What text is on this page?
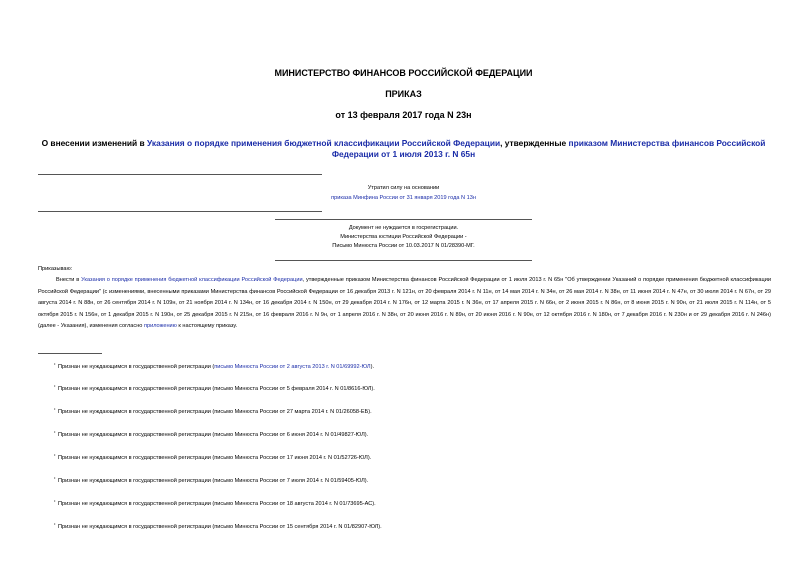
МИНИСТЕРСТВО ФИНАНСОВ РОССИЙСКОЙ ФЕДЕРАЦИИ
ПРИКАЗ
от 13 февраля 2017 года N 23н
О внесении изменений в Указания о порядке применения бюджетной классификации Российской Федерации, утвержденные приказом Министерства финансов Российской Федерации от 1 июля 2013 г. N 65н
Утратил силу на основании
приказа Минфина России от 31 января 2019 года N 13н
Документ не нуждается в госрегистрации.
Министерства юстиции Российской Федерации -
Письмо Минюста России от 10.03.2017 N 01/28390-МГ.
Приказываю:
Внести в Указания о порядке применения бюджетной классификации Российской Федерации, утвержденные приказом Министерства финансов Российской Федерации от 1 июля 2013 г. N 65н "Об утверждении Указаний о порядке применения бюджетной классификации Российской Федерации" (с изменениями, внесенными приказами Министерства финансов Российской Федерации от 16 декабря 2013 г. N 121н, от 20 февраля 2014 г. N 11н, от 14 мая 2014 г. N 34н, от 26 мая 2014 г. N 38н, от 11 июня 2014 г. N 47н, от 30 июля 2014 г. N 67н, от 29 августа 2014 г. N 88н, от 26 сентября 2014 г. N 109н, от 21 ноября 2014 г. N 134н, от 16 декабря 2014 г. N 150н, от 29 декабря 2014 г. N 176н, от 12 марта 2015 г. N 36н, от 17 апреля 2015 г. N 66н, от 2 июня 2015 г. N 86н, от 8 июня 2015 г. N 90н, от 21 июля 2015 г. N 114н, от 5 октября 2015 г. N 156н, от 1 декабря 2015 г. N 190н, от 25 декабря 2015 г. N 215н, от 16 февраля 2016 г. N 9н, от 1 апреля 2016 г. N 38н, от 20 июня 2016 г. N 89н, от 20 июня 2016 г. N 90н, от 12 октября 2016 г. N 180н, от 7 декабря 2016 г. N 230н и от 29 декабря 2016 г. N 246н) (далее - Указания), изменения согласно приложению к настоящему приказу.
•Признан не нуждающимся в государственной регистрации (письмо Минюста России от 2 августа 2013 г. N 01/69992-ЮЛ).
•Признан не нуждающимся в государственной регистрации (письмо Минюста России от 5 февраля 2014 г. N 01/8616-ЮЛ).
•Признан не нуждающимся в государственной регистрации (письмо Минюста России от 27 марта 2014 г. N 01/26058-ЕБ).
•Признан не нуждающимся в государственной регистрации (письмо Минюста России от 6 июня 2014 г. N 01/49827-ЮЛ).
•Признан не нуждающимся в государственной регистрации (письмо Минюста России от 17 июня 2014 г. N 01/52726-ЮЛ).
•Признан не нуждающимся в государственной регистрации (письмо Минюста России от 7 июля 2014 г. N 01/59405-ЮЛ).
•Признан не нуждающимся в государственной регистрации (письмо Минюста России от 18 августа 2014 г. N 01/73695-АС).
•Признан не нуждающимся в государственной регистрации (письмо Минюста России от 15 сентября 2014 г. N 01/82907-ЮЛ).
